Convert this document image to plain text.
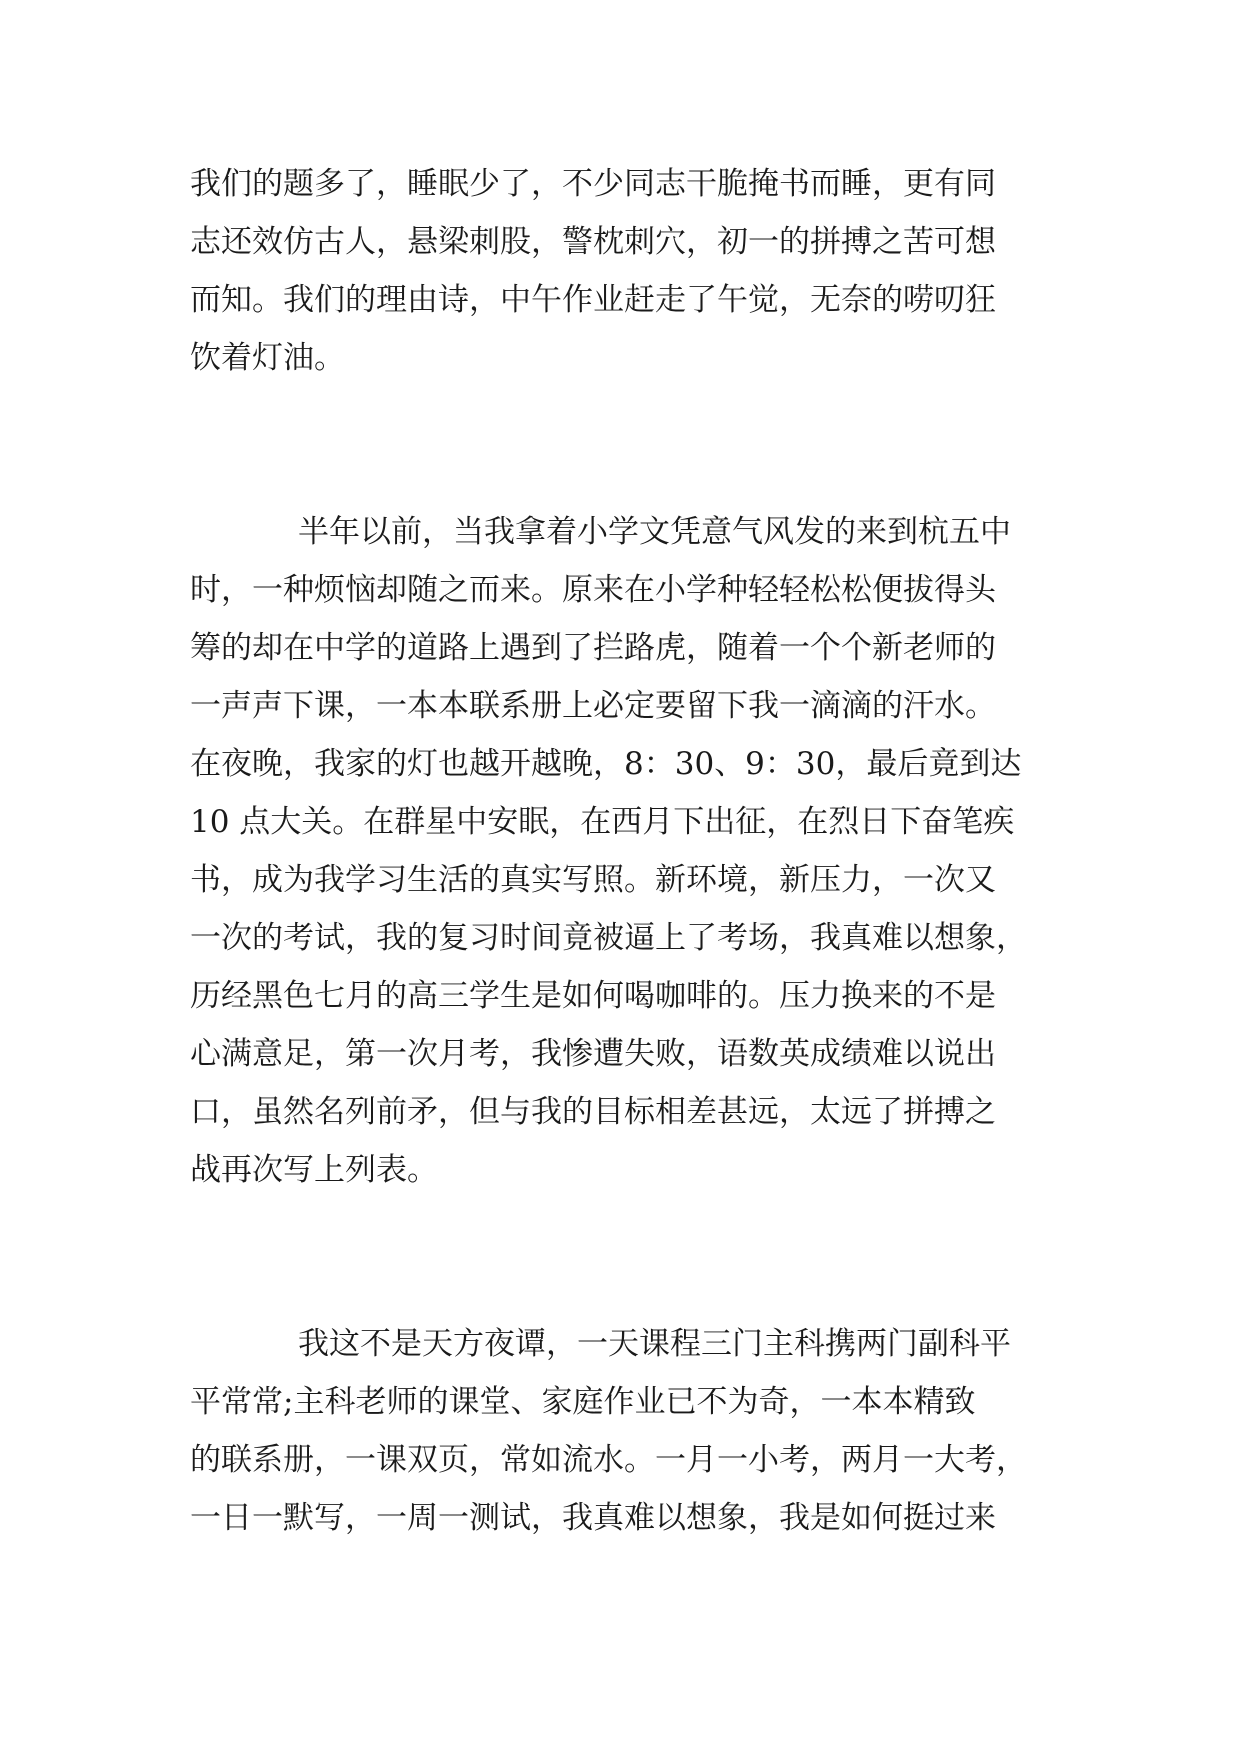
我们的题多了，睡眠少了，不少同志干脆掩书而睡，更有同
志还效仿古人，悬梁刺股，警枕刺穴，初一的拼搏之苦可想
而知。我们的理由诗，中午作业赶走了午觉，无奈的唠叨狂
饮着灯油。
半年以前，当我拿着小学文凭意气风发的来到杭五中
时，一种烦恼却随之而来。原来在小学种轻轻松松便拔得头
筹的却在中学的道路上遇到了拦路虎，随着一个个新老师的
一声声下课，一本本联系册上必定要留下我一滴滴的汗水。
在夜晚，我家的灯也越开越晚，8：30、9：30，最后竟到达
10 点大关。在群星中安眠，在西月下出征，在烈日下奋笔疾
书，成为我学习生活的真实写照。新环境，新压力，一次又
一次的考试，我的复习时间竟被逼上了考场，我真难以想象，
历经黑色七月的高三学生是如何喝咖啡的。压力换来的不是
心满意足，第一次月考，我惨遭失败，语数英成绩难以说出
口，虽然名列前矛，但与我的目标相差甚远，太远了拼搏之
战再次写上列表。
我这不是天方夜谭，一天课程三门主科携两门副科平
平常常;主科老师的课堂、家庭作业已不为奇，一本本精致
的联系册，一课双页，常如流水。一月一小考，两月一大考，
一日一默写，一周一测试，我真难以想象，我是如何挺过来
